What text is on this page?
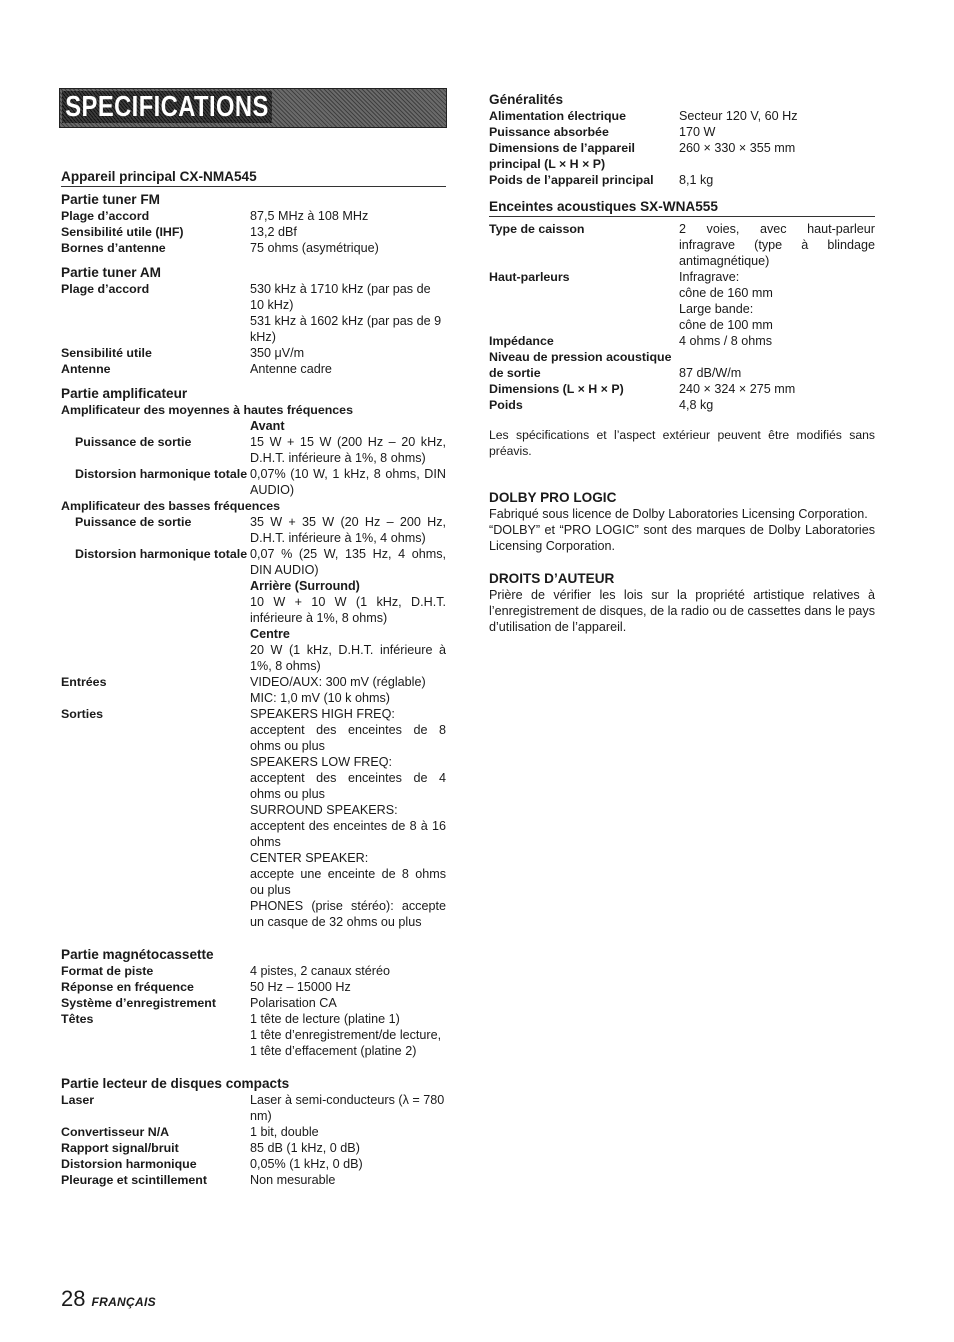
SPECIFICATIONS
Appareil principal CX-NMA545
Partie tuner FM
Plage d’accord	87,5 MHz à 108 MHz
Sensibilité utile (IHF)	13,2 dBf
Bornes d’antenne	75 ohms (asymétrique)
Partie tuner AM
Plage d’accord	530 kHz à 1710 kHz (par pas de 10 kHz)
531 kHz à 1602 kHz (par pas de 9 kHz)
Sensibilité utile	350 μV/m
Antenne	Antenne cadre
Partie amplificateur
Amplificateur des moyennes à hautes fréquences
Avant
Puissance de sortie	15 W + 15 W (200 Hz – 20 kHz, D.H.T. inférieure à 1%, 8 ohms)
Distorsion harmonique totale 0,07% (10 W, 1 kHz, 8 ohms, DIN AUDIO)
Amplificateur des basses fréquences
Puissance de sortie	35 W + 35 W (20 Hz – 200 Hz, D.H.T. inférieure à 1%, 4 ohms)
Distorsion harmonique totale 0,07 % (25 W, 135 Hz, 4 ohms, DIN AUDIO)
Arrière (Surround)
10 W + 10 W (1 kHz, D.H.T. inférieure à 1%, 8 ohms)
Centre
20 W (1 kHz, D.H.T. inférieure à 1%, 8 ohms)
Entrées	VIDEO/AUX: 300 mV (réglable)
MIC: 1,0 mV (10 k ohms)
Sorties	SPEAKERS HIGH FREQ:
acceptent des enceintes de 8 ohms ou plus
SPEAKERS LOW FREQ:
acceptent des enceintes de 4 ohms ou plus
SURROUND SPEAKERS:
acceptent des enceintes de 8 à 16 ohms
CENTER SPEAKER:
accepte une enceinte de 8 ohms ou plus
PHONES (prise stéréo): accepte un casque de 32 ohms ou plus
Partie magnétocassette
Format de piste	4 pistes, 2 canaux stéréo
Réponse en fréquence	50 Hz – 15000 Hz
Système d’enregistrement	Polarisation CA
Têtes	1 tête de lecture (platine 1)
1 tête d’enregistrement/de lecture,
1 tête d’effacement (platine 2)
Partie lecteur de disques compacts
Laser	Laser à semi-conducteurs (λ = 780 nm)
Convertisseur N/A	1 bit, double
Rapport signal/bruit	85 dB (1 kHz, 0 dB)
Distorsion harmonique	0,05% (1 kHz, 0 dB)
Pleurage et scintillement	Non mesurable
Généralités
Alimentation électrique	Secteur 120 V, 60 Hz
Puissance absorbée	170 W
Dimensions de l’appareil principal (L × H × P)
260 × 330 × 355 mm
Poids de l’appareil principal	8,1 kg
Enceintes acoustiques SX-WNA555
Type de caisson	2 voies, avec haut-parleur infragrave (type à blindage antimagnétique)
Haut-parleurs	Infragrave:
cône de 160 mm
Large bande:
cône de 100 mm
Impédance	4 ohms / 8 ohms
Niveau de pression acoustique de sortie
	87 dB/W/m
Dimensions (L × H × P)	240 × 324 × 275 mm
Poids	4,8 kg
Les spécifications et l’aspect extérieur peuvent être modifiés sans préavis.
DOLBY PRO LOGIC
Fabriqué sous licence de Dolby Laboratories Licensing Corporation.
“DOLBY” et “PRO LOGIC” sont des marques de Dolby Laboratories Licensing Corporation.
DROITS D’AUTEUR
Prière de vérifier les lois sur la propriété artistique relatives à l’enregistrement de disques, de la radio ou de cassettes dans le pays d’utilisation de l’appareil.
28 FRANÇAIS
